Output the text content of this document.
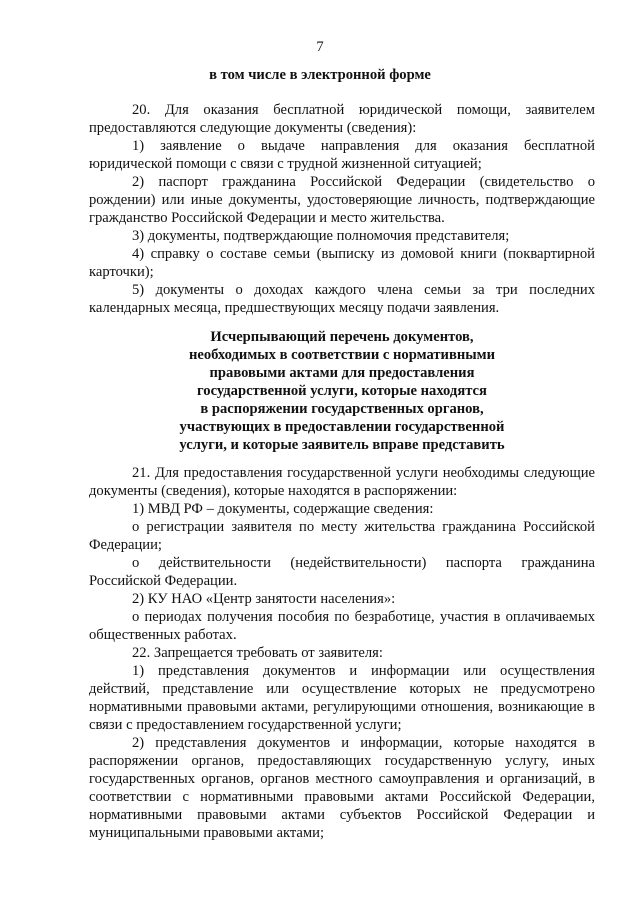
7
в том числе в электронной форме

20. Для оказания бесплатной юридической помощи, заявителем предоставляются следующие документы (сведения):

1) заявление о выдаче направления для оказания бесплатной юридической помощи с связи с трудной жизненной ситуацией;

2) паспорт гражданина Российской Федерации (свидетельство о рождении) или иные документы, удостоверяющие личность, подтверждающие гражданство Российской Федерации и место жительства.

3) документы, подтверждающие полномочия представителя;

4) справку о составе семьи (выписку из домовой книги (поквартирной карточки);

5) документы о доходах каждого члена семьи за три последних календарных месяца, предшествующих месяцу подачи заявления.

Исчерпывающий перечень документов,
необходимых в соответствии с нормативными
правовыми актами для предоставления
государственной услуги, которые находятся
в распоряжении государственных органов,
участвующих в предоставлении государственной
услуги, и которые заявитель вправе представить

21. Для предоставления государственной услуги необходимы следующие документы (сведения), которые находятся в распоряжении:

1) МВД РФ – документы, содержащие сведения:

о регистрации заявителя по месту жительства гражданина Российской Федерации;

о действительности (недействительности) паспорта гражданина Российской Федерации.

2) КУ НАО «Центр занятости населения»:

о периодах получения пособия по безработице, участия в оплачиваемых общественных работах.

22. Запрещается требовать от заявителя:

1) представления документов и информации или осуществления действий, представление или осуществление которых не предусмотрено нормативными правовыми актами, регулирующими отношения, возникающие в связи с предоставлением государственной услуги;

2) представления документов и информации, которые находятся в распоряжении органов, предоставляющих государственную услугу, иных государственных органов, органов местного самоуправления и организаций, в соответствии с нормативными правовыми актами Российской Федерации, нормативными правовыми актами субъектов Российской Федерации и муниципальными правовыми актами;
